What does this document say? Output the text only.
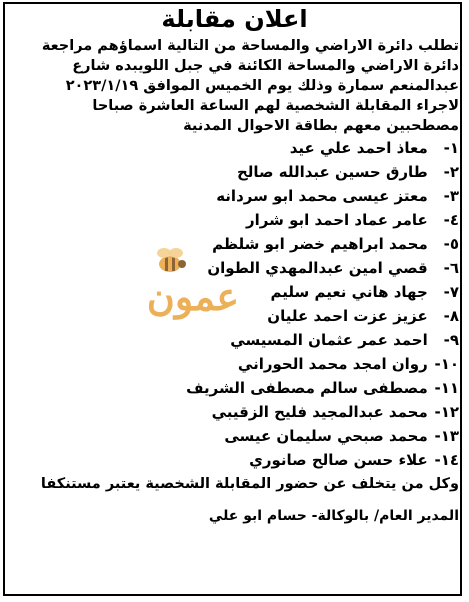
اعلان مقابلة
تطلب دائرة الاراضي والمساحة من التالية اسماؤهم مراجعة
دائرة الاراضي والمساحة الكائنة في جبل اللويبده شارع
عبدالمنعم سمارة وذلك يوم الخميس الموافق ٢٠٢٣/١/١٩
لاجراء المقابلة الشخصية لهم الساعة العاشرة صباحا
مصطحبين معهم بطاقة الاحوال المدنية
١- معاذ احمد علي عيد
٢- طارق حسين عبدالله صالح
٣- معتز عيسى محمد ابو سردانه
٤- عامر عماد احمد ابو شرار
٥- محمد ابراهيم خضر ابو شلظم
٦- قصي امين عبدالمهدي الطوان
٧- جهاد هاني نعيم سليم
٨- عزيز عزت احمد عليان
٩- احمد عمر عثمان المسيسي
١٠- روان امجد محمد الحوراني
١١- مصطفى سالم مصطفى الشريف
١٢- محمد عبدالمجيد فليح الزقيبي
١٣- محمد صبحي سليمان عيسى
١٤- علاء حسن صالح صانوري
وكل من يتخلف عن حضور المقابلة الشخصية يعتبر مستنكفا
المدير العام/ بالوكالة- حسام ابو علي
عمون
